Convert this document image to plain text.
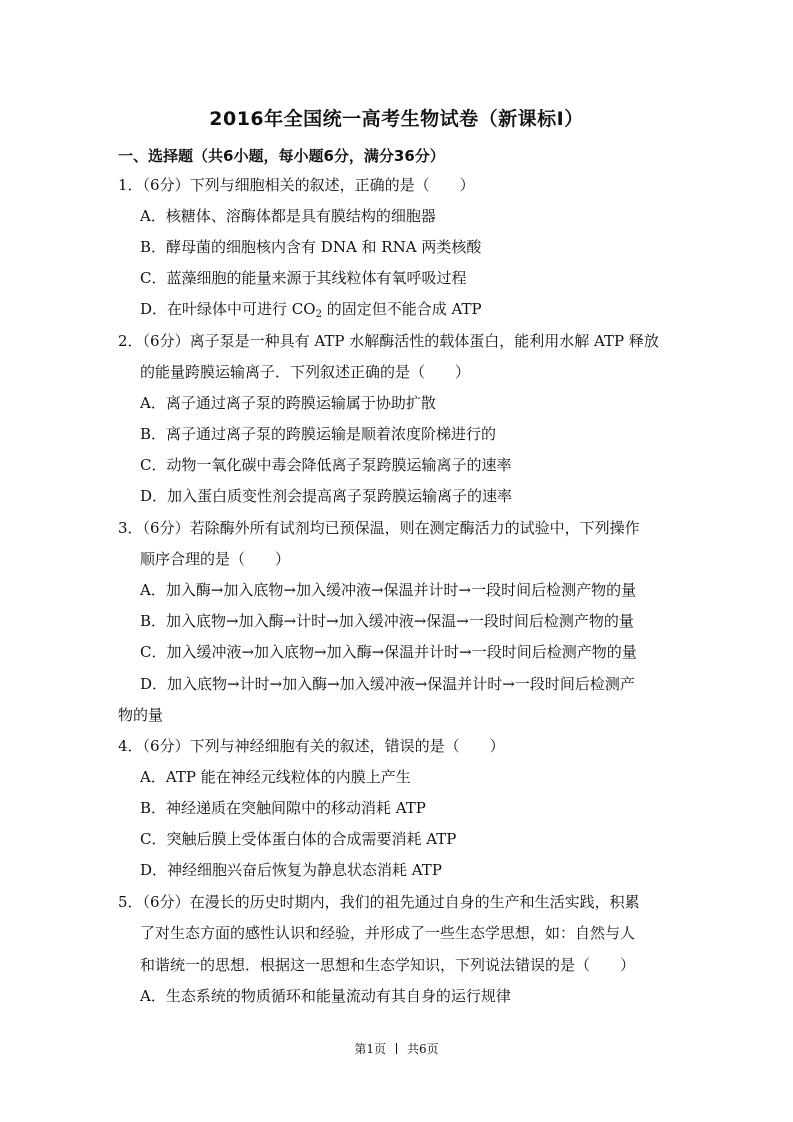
2016年全国统一高考生物试卷（新课标Ⅰ）
一、选择题（共6小题，每小题6分，满分36分）
1．（6分）下列与细胞相关的叙述，正确的是（　　）
A．核糖体、溶酶体都是具有膜结构的细胞器
B．酵母菌的细胞核内含有 DNA 和 RNA 两类核酸
C．蓝藻细胞的能量来源于其线粒体有氧呼吸过程
D．在叶绿体中可进行 $CO_2$ 的固定但不能合成 ATP
2．（6分）离子泵是一种具有 ATP 水解酶活性的载体蛋白，能利用水解 ATP 释放
的能量跨膜运输离子．下列叙述正确的是（　　）
A．离子通过离子泵的跨膜运输属于协助扩散
B．离子通过离子泵的跨膜运输是顺着浓度阶梯进行的
C．动物一氧化碳中毒会降低离子泵跨膜运输离子的速率
D．加入蛋白质变性剂会提高离子泵跨膜运输离子的速率
3．（6分）若除酶外所有试剂均已预保温，则在测定酶活力的试验中，下列操作
顺序合理的是（　　）
A．加入酶→加入底物→加入缓冲液→保温并计时→一段时间后检测产物的量
B．加入底物→加入酶→计时→加入缓冲液→保温→一段时间后检测产物的量
C．加入缓冲液→加入底物→加入酶→保温并计时→一段时间后检测产物的量
D．加入底物→计时→加入酶→加入缓冲液→保温并计时→一段时间后检测产
物的量
4．（6分）下列与神经细胞有关的叙述，错误的是（　　）
A．ATP 能在神经元线粒体的内膜上产生
B．神经递质在突触间隙中的移动消耗 ATP
C．突触后膜上受体蛋白体的合成需要消耗 ATP
D．神经细胞兴奋后恢复为静息状态消耗 ATP
5．（6分）在漫长的历史时期内，我们的祖先通过自身的生产和生活实践，积累
了对生态方面的感性认识和经验，并形成了一些生态学思想，如：自然与人
和谐统一的思想．根据这一思想和生态学知识，下列说法错误的是（　　）
A．生态系统的物质循环和能量流动有其自身的运行规律
第1页 共6页
